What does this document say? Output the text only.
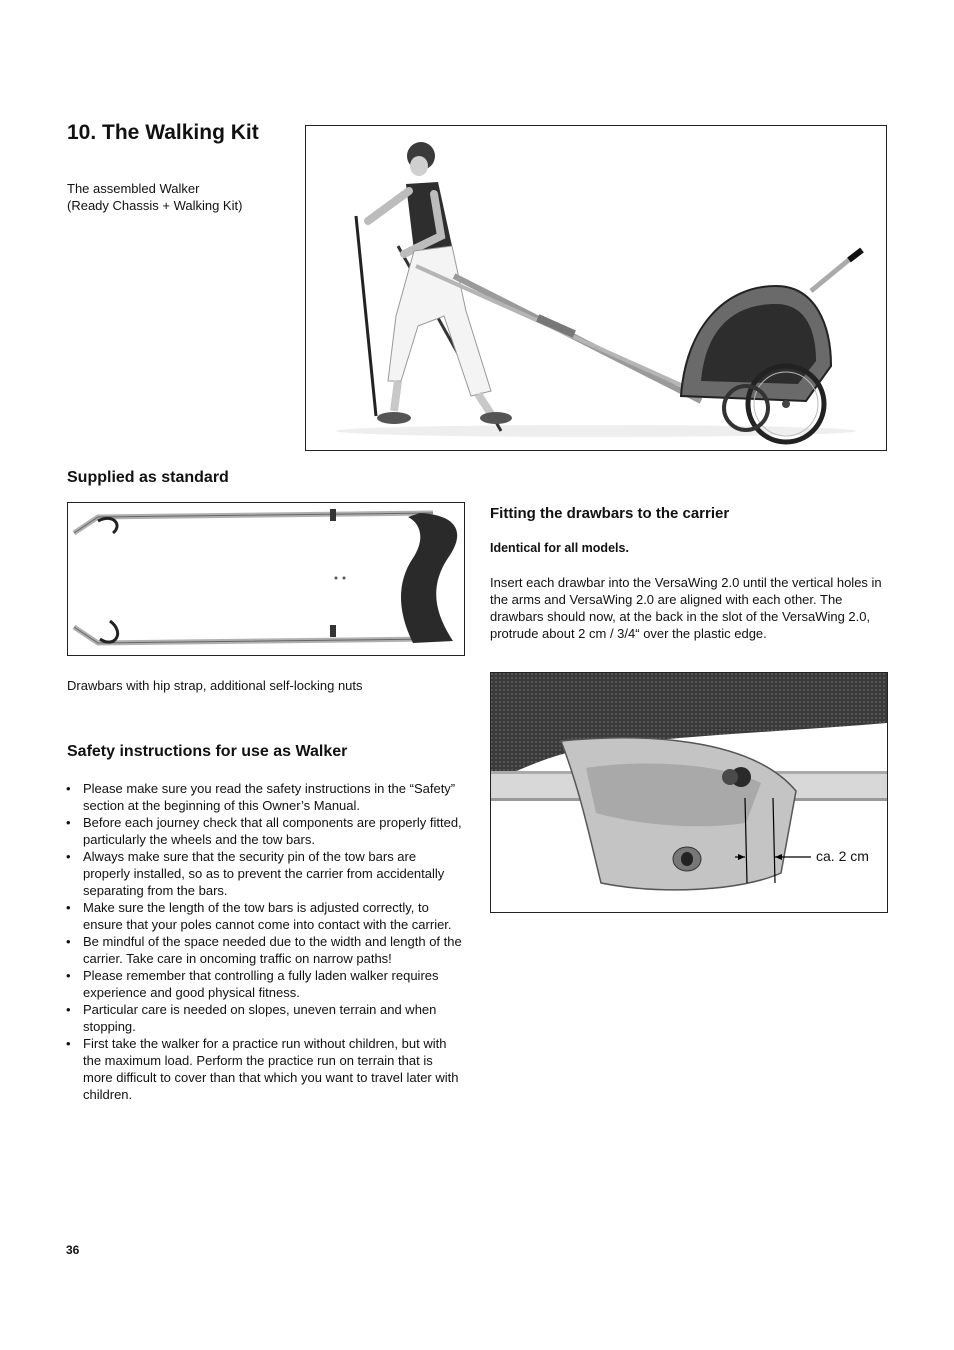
10. The Walking Kit
The assembled Walker
(Ready Chassis + Walking Kit)
Supplied as standard
Drawbars with hip strap, additional self-locking nuts
Safety instructions for use as Walker
• Please make sure you read the safety instructions in the “Safety” section at the beginning of this Owner’s Manual.
• Before each journey check that all components are properly fitted, particularly the wheels and the tow bars.
• Always make sure that the security pin of the tow bars are properly installed, so as to prevent the carrier from accidentally separating from the bars.
• Make sure the length of the tow bars is adjusted correctly, to ensure that your poles cannot come into contact with the carrier.
• Be mindful of the space needed due to the width and length of the carrier. Take care in oncoming traffic on narrow paths!
• Please remember that controlling a fully laden walker requires experience and good physical fitness.
• Particular care is needed on slopes, uneven terrain and when stopping.
• First take the walker for a practice run without children, but with the maximum load. Perform the practice run on terrain that is more difficult to cover than that which you want to travel later with children.
Fitting the drawbars to the carrier
Identical for all models.
Insert each drawbar into the VersaWing 2.0 until the vertical holes in the arms and VersaWing 2.0 are aligned with each other. The drawbars should now, at the back in the slot of the VersaWing 2.0, protrude about 2 cm / 3/4“ over the plastic edge.
ca. 2 cm
36
